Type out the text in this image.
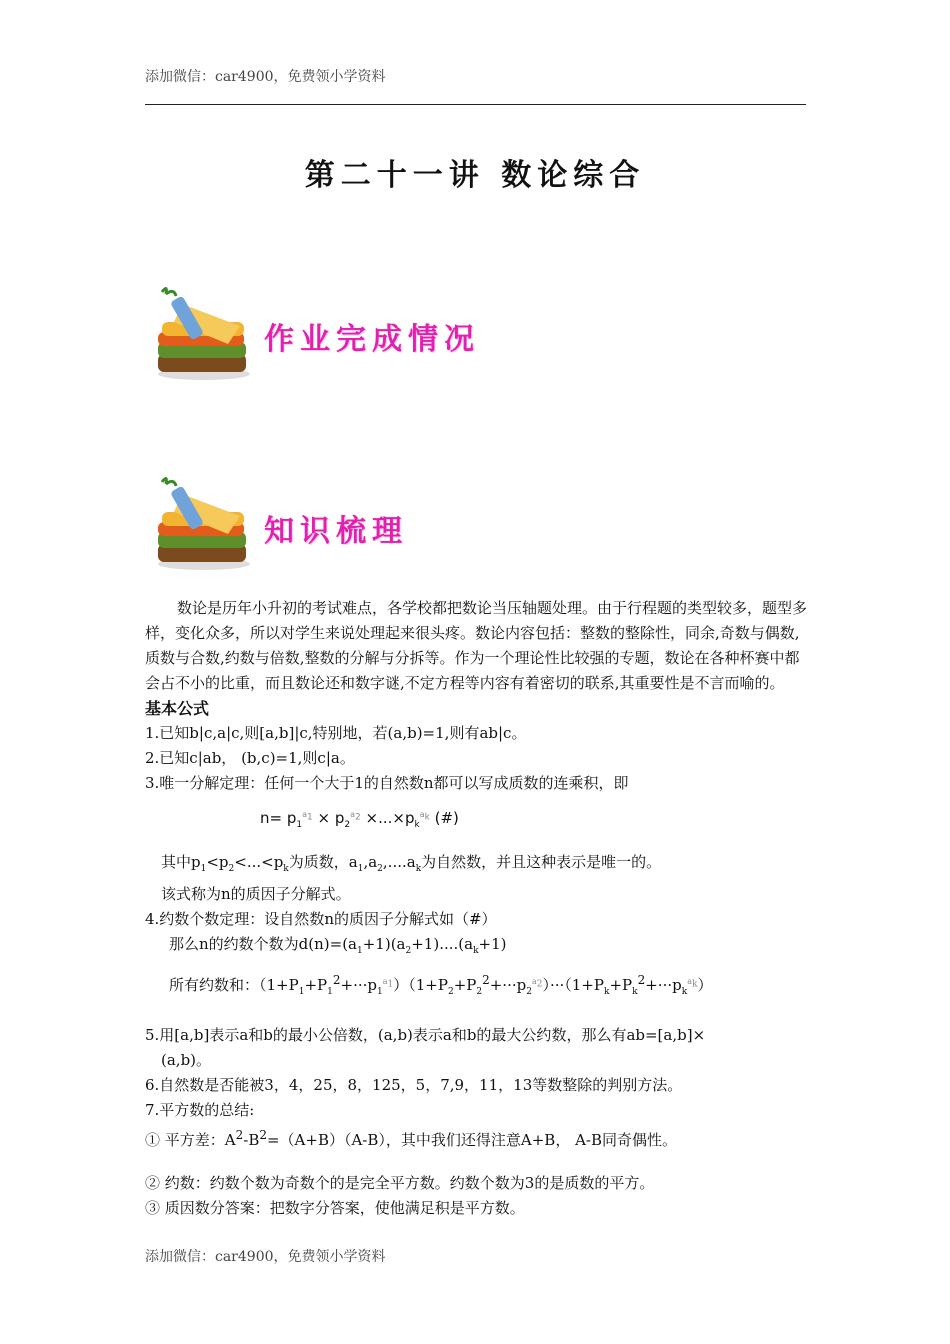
添加微信：car4900，免费领小学资料
第二十一讲 数论综合
作业完成情况
知识梳理

数论是历年小升初的考试难点，各学校都把数论当压轴题处理。由于行程题的类型较多，题型多样，变化众多，所以对学生来说处理起来很头疼。数论内容包括：整数的整除性，同余,奇数与偶数,质数与合数,约数与倍数,整数的分解与分拆等。作为一个理论性比较强的专题，数论在各种杯赛中都会占不小的比重，而且数论还和数字谜,不定方程等内容有着密切的联系,其重要性是不言而喻的。

基本公式

1.已知b|c,a|c,则[a,b]|c,特别地，若(a,b)=1,则有ab|c。

2.已知c|ab， (b,c)=1,则c|a。

3.唯一分解定理：任何一个大于1的自然数n都可以写成质数的连乘积，即

$n= p_1^{a_1} \times p_2^{a_2} \times...\times p_k^{a_k}$ (#)

其中$p_1<p_2<...<p_k$为质数，$a_1,a_2,....a_k$为自然数，并且这种表示是唯一的。

该式称为n的质因子分解式。

4.约数个数定理：设自然数n的质因子分解式如（#）

那么n的约数个数为$d(n)=(a_1+1)(a_2+1)....(a_k+1)$

所有约数和：$(1+P_1+P_1^2+\cdot\cdot\cdot p_1^{a_1})(1+P_2+P_2^2+\cdot\cdot\cdot p_2^{a_2})\cdot\cdot\cdot(1+P_k+P_k^2+\cdot\cdot\cdot p_k^{a_k})$

5.用[a,b]表示a和b的最小公倍数，(a,b)表示a和b的最大公约数，那么有ab=[a,b]×

(a,b)。

6.自然数是否能被3，4，25，8，125，5，7,9，11，13等数整除的判别方法。

7.平方数的总结:

① 平方差：$A^2-B^2=(A+B)(A-B)$，其中我们还得注意A+B， A-B同奇偶性。

② 约数：约数个数为奇数个的是完全平方数。约数个数为3的是质数的平方。

③ 质因数分答案：把数字分答案，使他满足积是平方数。

添加微信：car4900，免费领小学资料
